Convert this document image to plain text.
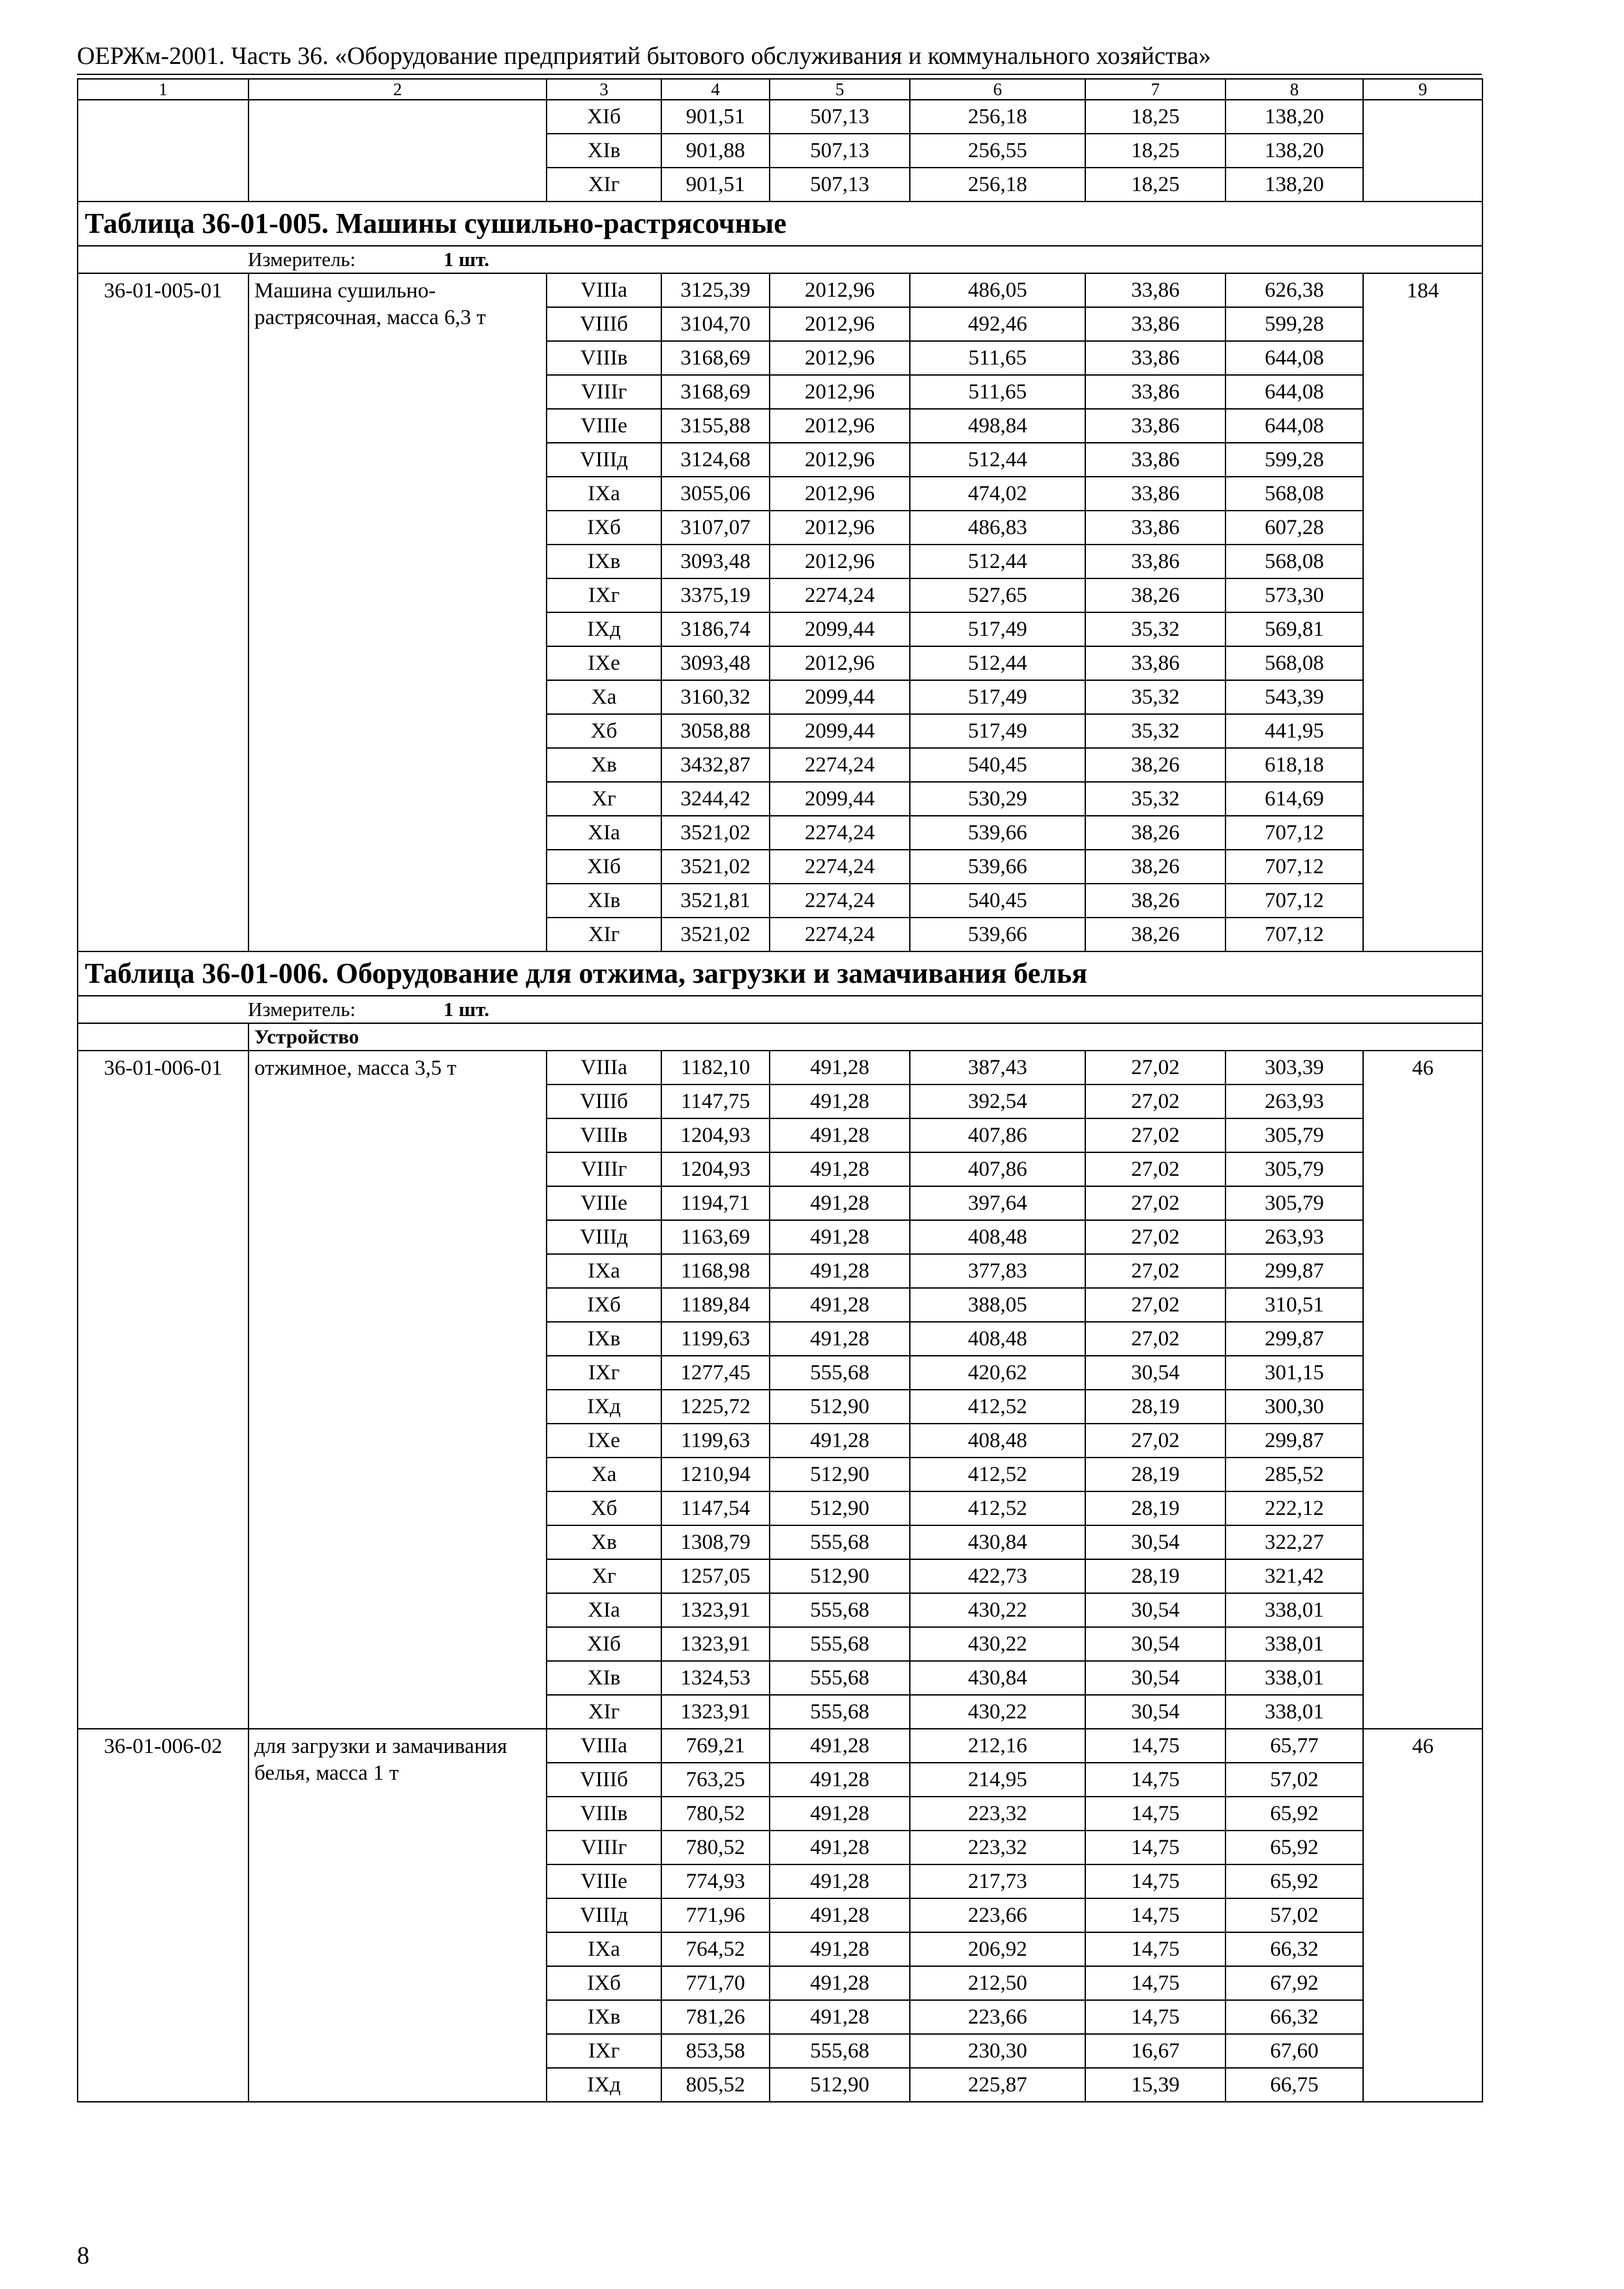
ОЕРЖм-2001. Часть 36. «Оборудование предприятий бытового обслуживания и коммунального хозяйства»
1	2	3	4	5	6	7	8	9
		XIб	901,51	507,13	256,18	18,25	138,20	
		XIв	901,88	507,13	256,55	18,25	138,20	
		XIг	901,51	507,13	256,18	18,25	138,20	
Таблица 36-01-005. Машины сушильно-растрясочные								
Измеритель: 1 шт.								
36-01-005-01	Машина сушильно-растрясочная, масса 6,3 т	VIIIа	3125,39	2012,96	486,05	33,86	626,38	184
		VIIIб	3104,70	2012,96	492,46	33,86	599,28	
		VIIIв	3168,69	2012,96	511,65	33,86	644,08	
		VIIIг	3168,69	2012,96	511,65	33,86	644,08	
		VIIIе	3155,88	2012,96	498,84	33,86	644,08	
		VIIIд	3124,68	2012,96	512,44	33,86	599,28	
		IXа	3055,06	2012,96	474,02	33,86	568,08	
		IXб	3107,07	2012,96	486,83	33,86	607,28	
		IXв	3093,48	2012,96	512,44	33,86	568,08	
		IXг	3375,19	2274,24	527,65	38,26	573,30	
		IXд	3186,74	2099,44	517,49	35,32	569,81	
		IXе	3093,48	2012,96	512,44	33,86	568,08	
		Xа	3160,32	2099,44	517,49	35,32	543,39	
		Xб	3058,88	2099,44	517,49	35,32	441,95	
		Xв	3432,87	2274,24	540,45	38,26	618,18	
		Xг	3244,42	2099,44	530,29	35,32	614,69	
		XIа	3521,02	2274,24	539,66	38,26	707,12	
		XIб	3521,02	2274,24	539,66	38,26	707,12	
		XIв	3521,81	2274,24	540,45	38,26	707,12	
		XIг	3521,02	2274,24	539,66	38,26	707,12	
Таблица 36-01-006. Оборудование для отжима, загрузки и замачивания белья								
Измеритель: 1 шт.								
	Устройство							
36-01-006-01	отжимное, масса 3,5 т	VIIIа	1182,10	491,28	387,43	27,02	303,39	46
		VIIIб	1147,75	491,28	392,54	27,02	263,93	
		VIIIв	1204,93	491,28	407,86	27,02	305,79	
		VIIIг	1204,93	491,28	407,86	27,02	305,79	
		VIIIе	1194,71	491,28	397,64	27,02	305,79	
		VIIIд	1163,69	491,28	408,48	27,02	263,93	
		IXа	1168,98	491,28	377,83	27,02	299,87	
		IXб	1189,84	491,28	388,05	27,02	310,51	
		IXв	1199,63	491,28	408,48	27,02	299,87	
		IXг	1277,45	555,68	420,62	30,54	301,15	
		IXд	1225,72	512,90	412,52	28,19	300,30	
		IXе	1199,63	491,28	408,48	27,02	299,87	
		Xа	1210,94	512,90	412,52	28,19	285,52	
		Xб	1147,54	512,90	412,52	28,19	222,12	
		Xв	1308,79	555,68	430,84	30,54	322,27	
		Xг	1257,05	512,90	422,73	28,19	321,42	
		XIа	1323,91	555,68	430,22	30,54	338,01	
		XIб	1323,91	555,68	430,22	30,54	338,01	
		XIв	1324,53	555,68	430,84	30,54	338,01	
		XIг	1323,91	555,68	430,22	30,54	338,01	
36-01-006-02	для загрузки и замачивания белья, масса 1 т	VIIIа	769,21	491,28	212,16	14,75	65,77	46
		VIIIб	763,25	491,28	214,95	14,75	57,02	
		VIIIв	780,52	491,28	223,32	14,75	65,92	
		VIIIг	780,52	491,28	223,32	14,75	65,92	
		VIIIе	774,93	491,28	217,73	14,75	65,92	
		VIIIд	771,96	491,28	223,66	14,75	57,02	
		IXа	764,52	491,28	206,92	14,75	66,32	
		IXб	771,70	491,28	212,50	14,75	67,92	
		IXв	781,26	491,28	223,66	14,75	66,32	
		IXг	853,58	555,68	230,30	16,67	67,60	
		IXд	805,52	512,90	225,87	15,39	66,75	
8
